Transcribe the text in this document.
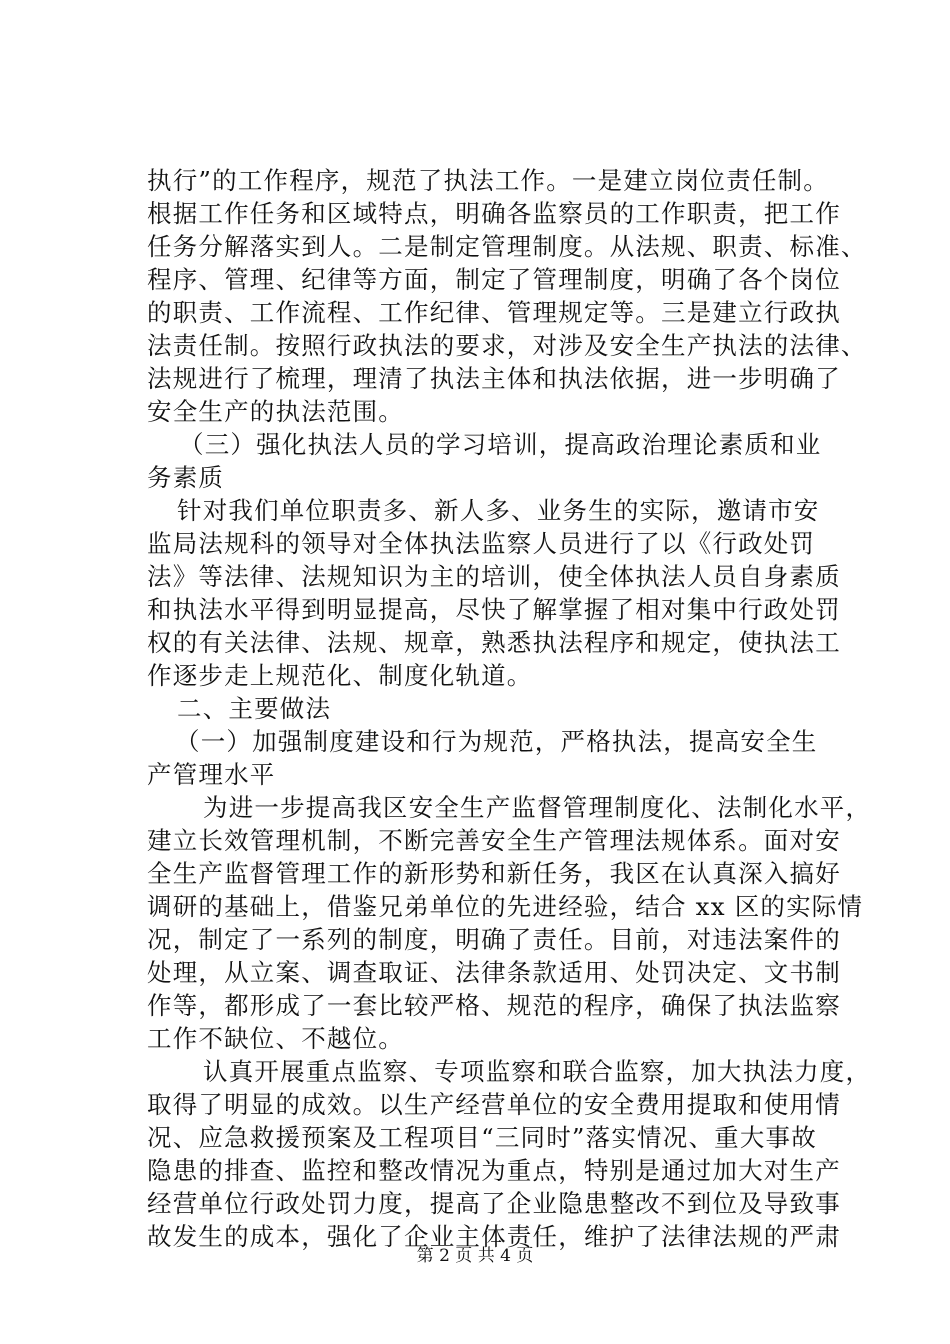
执行”的工作程序，规范了执法工作。一是建立岗位责任制。
根据工作任务和区域特点，明确各监察员的工作职责，把工作
任务分解落实到人。二是制定管理制度。从法规、职责、标准、
程序、管理、纪律等方面，制定了管理制度，明确了各个岗位
的职责、工作流程、工作纪律、管理规定等。三是建立行政执
法责任制。按照行政执法的要求，对涉及安全生产执法的法律、
法规进行了梳理，理清了执法主体和执法依据，进一步明确了
安全生产的执法范围。
（三）强化执法人员的学习培训，提高政治理论素质和业
务素质
针对我们单位职责多、新人多、业务生的实际，邀请市安
监局法规科的领导对全体执法监察人员进行了以《行政处罚
法》等法律、法规知识为主的培训，使全体执法人员自身素质
和执法水平得到明显提高，尽快了解掌握了相对集中行政处罚
权的有关法律、法规、规章，熟悉执法程序和规定，使执法工
作逐步走上规范化、制度化轨道。
二、主要做法
（一）加强制度建设和行为规范，严格执法，提高安全生
产管理水平
为进一步提高我区安全生产监督管理制度化、法制化水平，
建立长效管理机制，不断完善安全生产管理法规体系。面对安
全生产监督管理工作的新形势和新任务，我区在认真深入搞好
调研的基础上，借鉴兄弟单位的先进经验，结合 xx 区的实际情
况，制定了一系列的制度，明确了责任。目前，对违法案件的
处理，从立案、调查取证、法律条款适用、处罚决定、文书制
作等，都形成了一套比较严格、规范的程序，确保了执法监察
工作不缺位、不越位。
认真开展重点监察、专项监察和联合监察，加大执法力度，
取得了明显的成效。以生产经营单位的安全费用提取和使用情
况、应急救援预案及工程项目“三同时”落实情况、重大事故
隐患的排查、监控和整改情况为重点，特别是通过加大对生产
经营单位行政处罚力度，提高了企业隐患整改不到位及导致事
故发生的成本，强化了企业主体责任，维护了法律法规的严肃
第 2 页 共 4 页
